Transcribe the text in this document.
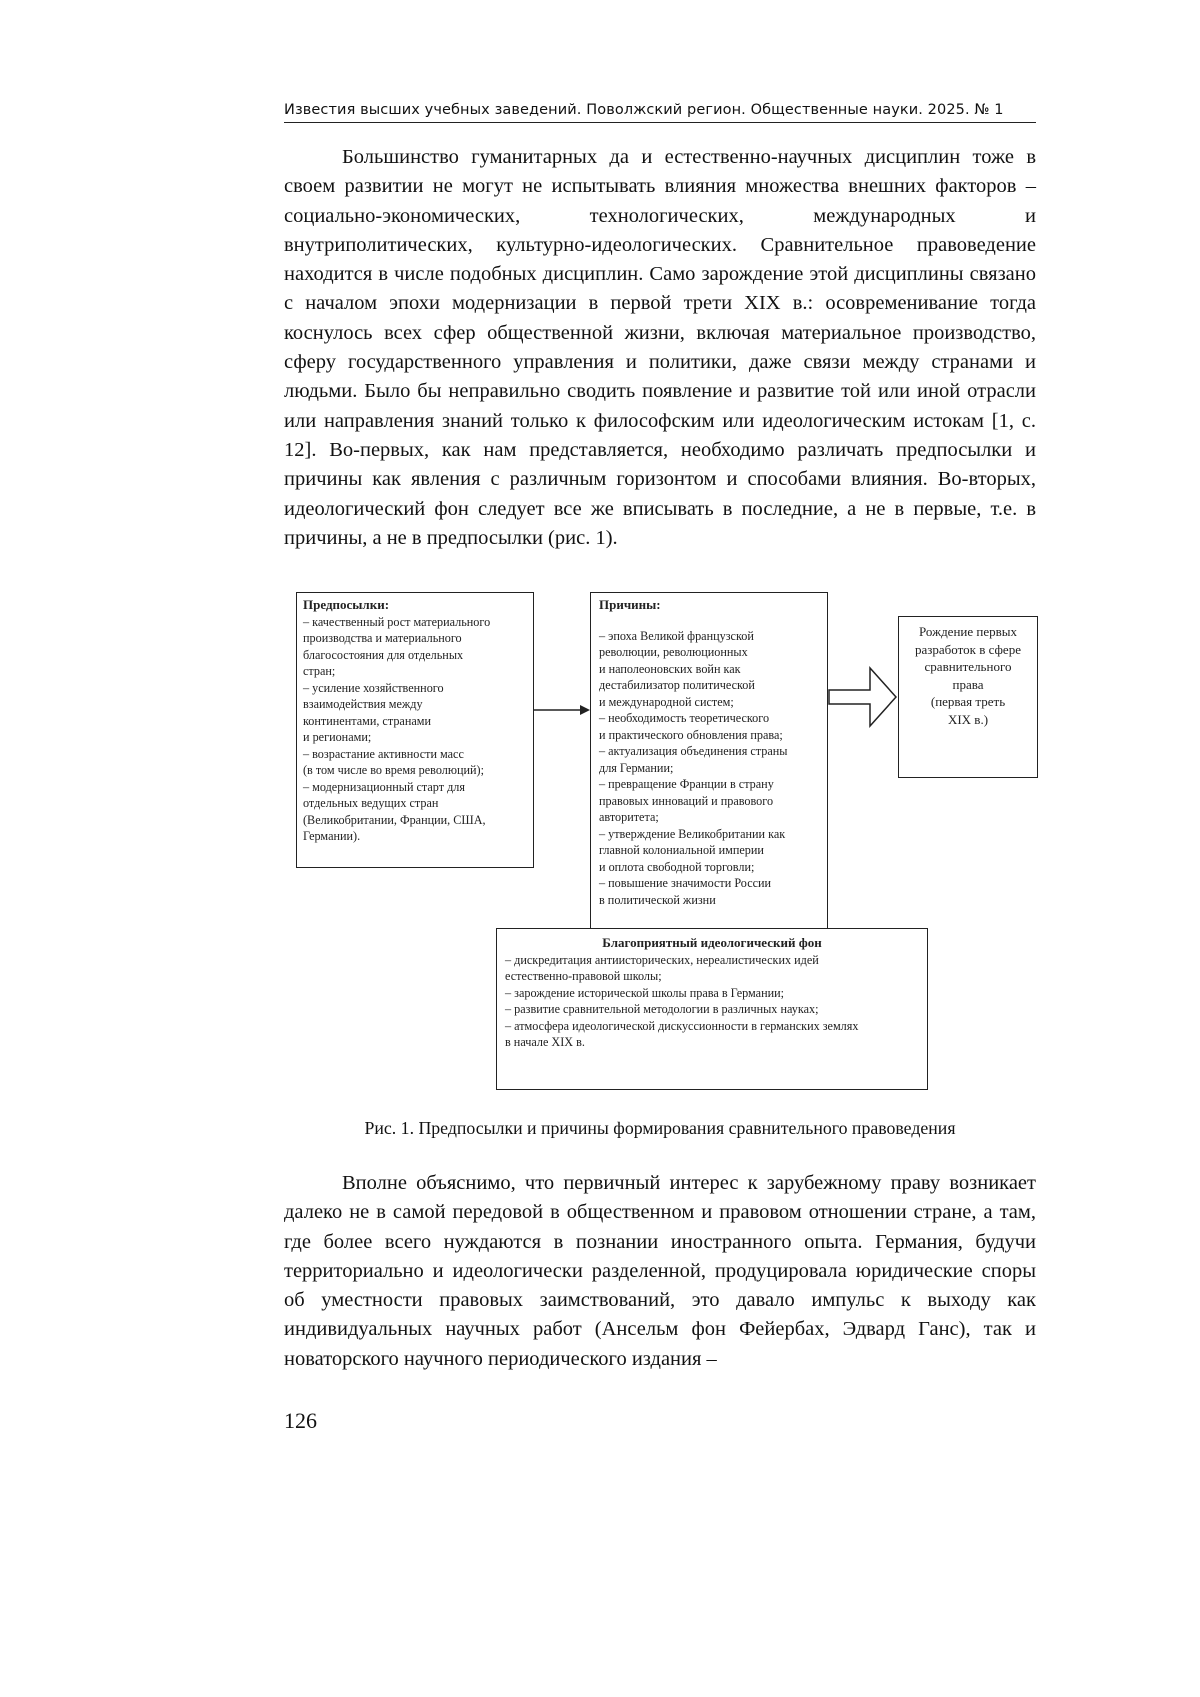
Известия высших учебных заведений. Поволжский регион. Общественные науки. 2025. № 1

Большинство гуманитарных да и естественно-научных дисциплин тоже в своем развитии не могут не испытывать влияния множества внешних факторов – социально-экономических, технологических, международных и внутриполитических, культурно-идеологических. Сравнительное правоведение находится в числе подобных дисциплин. Само зарождение этой дисциплины связано с началом эпохи модернизации в первой трети XIX в.: осовременивание тогда коснулось всех сфер общественной жизни, включая материальное производство, сферу государственного управления и политики, даже связи между странами и людьми. Было бы неправильно сводить появление и развитие той или иной отрасли или направления знаний только к философским или идеологическим истокам [1, с. 12]. Во-первых, как нам представляется, необходимо различать предпосылки и причины как явления с различным горизонтом и способами влияния. Во-вторых, идеологический фон следует все же вписывать в последние, а не в первые, т.е. в причины, а не в предпосылки (рис. 1).

Предпосылки:
– качественный рост материального
производства и материального
благосостояния для отдельных
стран;
– усиление хозяйственного
взаимодействия между
континентами, странами
и регионами;
– возрастание активности масс
(в том числе во время революций);
– модернизационный старт для
отдельных ведущих стран
(Великобритании, Франции, США,
Германии).
Причины:
– эпоха Великой французской
революции, революционных
и наполеоновских войн как
дестабилизатор политической
и международной систем;
– необходимость теоретического
и практического обновления права;
– актуализация объединения страны
для Германии;
– превращение Франции в страну
правовых инноваций и правового
авторитета;
– утверждение Великобритании как
главной колониальной империи
и оплота свободной торговли;
– повышение значимости России
в политической жизни
Рождение первых
разработок в сфере
сравнительного
права
(первая треть
XIX в.)
Благоприятный идеологический фон
– дискредитация антиисторических, нереалистических идей
естественно-правовой школы;
– зарождение исторической школы права в Германии;
– развитие сравнительной методологии в различных науках;
– атмосфера идеологической дискуссионности в германских землях
в начале XIX в.
Рис. 1. Предпосылки и причины формирования сравнительного правоведения

Вполне объяснимо, что первичный интерес к зарубежному праву возникает далеко не в самой передовой в общественном и правовом отношении стране, а там, где более всего нуждаются в познании иностранного опыта. Германия, будучи территориально и идеологически разделенной, продуцировала юридические споры об уместности правовых заимствований, это давало импульс к выходу как индивидуальных научных работ (Ансельм фон Фейербах, Эдвард Ганс), так и новаторского научного периодического издания –

126
